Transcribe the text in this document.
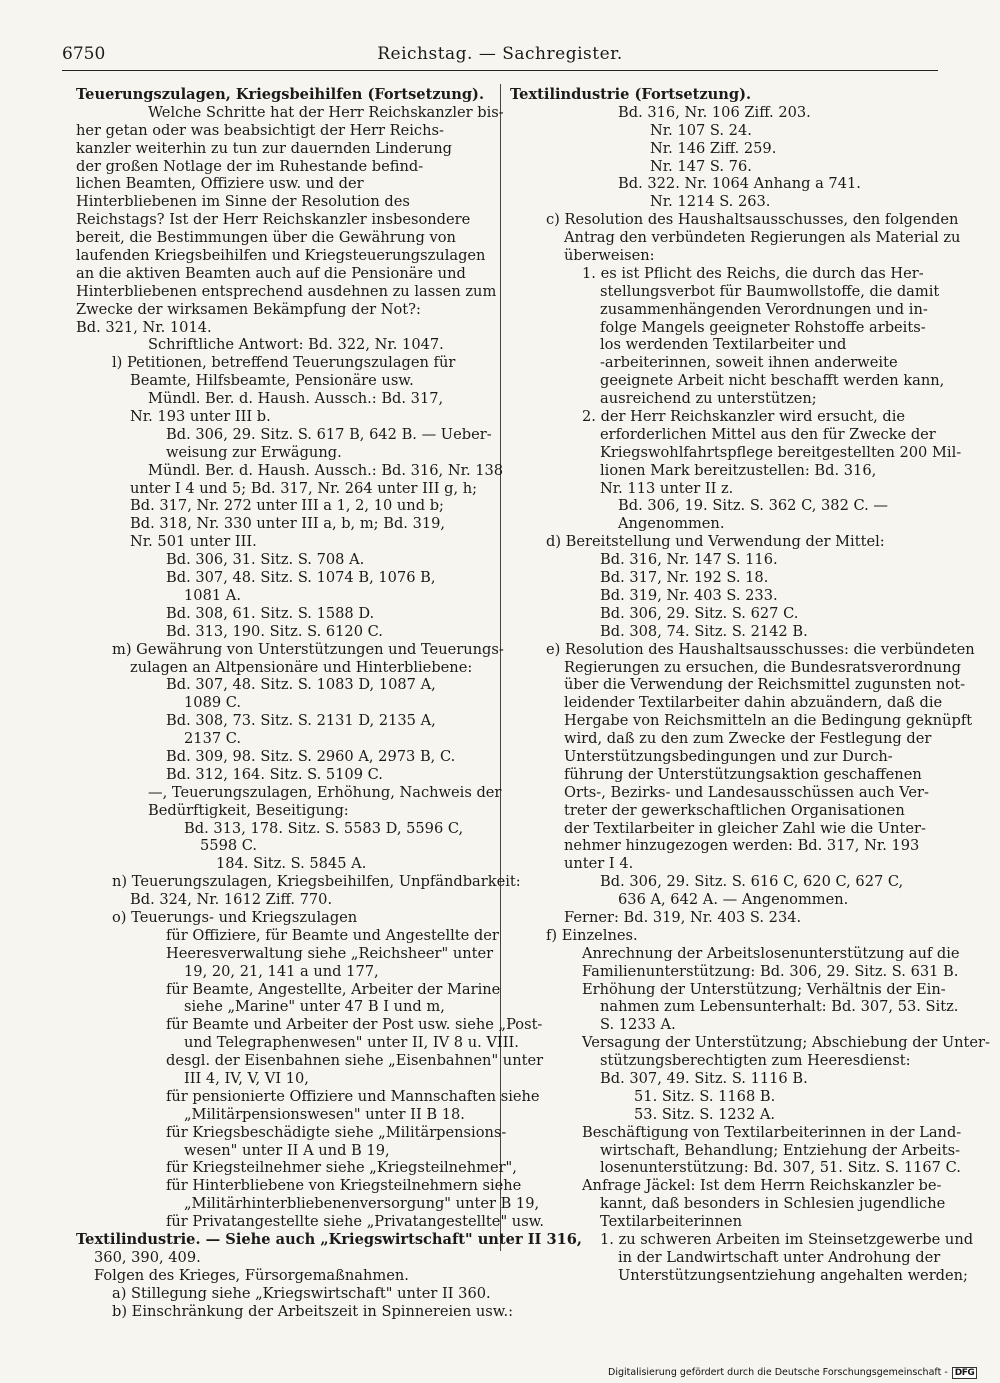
6750	Reichstag. — Sachregister.
Teuerungszulagen, Kriegsbeihilfen (Fortsetzung).
Welche Schritte hat der Herr Reichskanzler bis-
her getan oder was beabsichtigt der Herr Reichs-
kanzler weiterhin zu tun zur dauernden Linderung
der großen Notlage der im Ruhestande befind-
lichen Beamten, Offiziere usw. und der
Hinterbliebenen im Sinne der Resolution des
Reichstags? Ist der Herr Reichskanzler insbesondere
bereit, die Bestimmungen über die Gewährung von
laufenden Kriegsbeihilfen und Kriegsteuerungszulagen
an die aktiven Beamten auch auf die Pensionäre und
Hinterbliebenen entsprechend ausdehnen zu lassen zum
Zwecke der wirksamen Bekämpfung der Not?:
Bd. 321, Nr. 1014.
Schriftliche Antwort: Bd. 322, Nr. 1047.
l) Petitionen, betreffend Teuerungszulagen für
Beamte, Hilfsbeamte, Pensionäre usw.
Mündl. Ber. d. Haush. Aussch.: Bd. 317,
Nr. 193 unter III b.
Bd. 306, 29. Sitz. S. 617 B, 642 B. — Ueber-
weisung zur Erwägung.
Mündl. Ber. d. Haush. Aussch.: Bd. 316, Nr. 138
unter I 4 und 5; Bd. 317, Nr. 264 unter III g, h;
Bd. 317, Nr. 272 unter III a 1, 2, 10 und b;
Bd. 318, Nr. 330 unter III a, b, m; Bd. 319,
Nr. 501 unter III.
Bd. 306, 31. Sitz. S. 708 A.
Bd. 307, 48. Sitz. S. 1074 B, 1076 B,
1081 A.
Bd. 308, 61. Sitz. S. 1588 D.
Bd. 313, 190. Sitz. S. 6120 C.
m) Gewährung von Unterstützungen und Teuerungs-
zulagen an Altpensionäre und Hinterbliebene:
Bd. 307, 48. Sitz. S. 1083 D, 1087 A,
1089 C.
Bd. 308, 73. Sitz. S. 2131 D, 2135 A,
2137 C.
Bd. 309, 98. Sitz. S. 2960 A, 2973 B, C.
Bd. 312, 164. Sitz. S. 5109 C.
—, Teuerungszulagen, Erhöhung, Nachweis der
Bedürftigkeit, Beseitigung:
Bd. 313, 178. Sitz. S. 5583 D, 5596 C,
5598 C.
184. Sitz. S. 5845 A.
n) Teuerungszulagen, Kriegsbeihilfen, Unpfändbarkeit:
Bd. 324, Nr. 1612 Ziff. 770.
o) Teuerungs- und Kriegszulagen
für Offiziere, für Beamte und Angestellte der
Heeresverwaltung siehe „Reichsheer" unter
19, 20, 21, 141 a und 177,
für Beamte, Angestellte, Arbeiter der Marine
siehe „Marine" unter 47 B I und m,
für Beamte und Arbeiter der Post usw. siehe „Post-
und Telegraphenwesen" unter II, IV 8 u. VIII.
desgl. der Eisenbahnen siehe „Eisenbahnen" unter
III 4, IV, V, VI 10,
für pensionierte Offiziere und Mannschaften siehe
„Militärpensionswesen" unter II B 18.
für Kriegsbeschädigte siehe „Militärpensions-
wesen" unter II A und B 19,
für Kriegsteilnehmer siehe „Kriegsteilnehmer",
für Hinterbliebene von Kriegsteilnehmern siehe
„Militärhinterbliebenenversorgung" unter B 19,
für Privatangestellte siehe „Privatangestellte" usw.
Textilindustrie. — Siehe auch „Kriegswirtschaft" unter II 316,
360, 390, 409.
Folgen des Krieges, Fürsorgemaßnahmen.
a) Stillegung siehe „Kriegswirtschaft" unter II 360.
b) Einschränkung der Arbeitszeit in Spinnereien usw.:
Textilindustrie (Fortsetzung).
Bd. 316, Nr. 106 Ziff. 203.
Nr. 107 S. 24.
Nr. 146 Ziff. 259.
Nr. 147 S. 76.
Bd. 322. Nr. 1064 Anhang a 741.
Nr. 1214 S. 263.
c) Resolution des Haushaltsausschusses, den folgenden
Antrag den verbündeten Regierungen als Material zu
überweisen:
1. es ist Pflicht des Reichs, die durch das Her-
stellungsverbot für Baumwollstoffe, die damit
zusammenhängenden Verordnungen und in-
folge Mangels geeigneter Rohstoffe arbeits-
los werdenden Textilarbeiter und
-arbeiterinnen, soweit ihnen anderweite
geeignete Arbeit nicht beschafft werden kann,
ausreichend zu unterstützen;
2. der Herr Reichskanzler wird ersucht, die
erforderlichen Mittel aus den für Zwecke der
Kriegswohlfahrtspflege bereitgestellten 200 Mil-
lionen Mark bereitzustellen: Bd. 316,
Nr. 113 unter II z.
Bd. 306, 19. Sitz. S. 362 C, 382 C. —
Angenommen.
d) Bereitstellung und Verwendung der Mittel:
Bd. 316, Nr. 147 S. 116.
Bd. 317, Nr. 192 S. 18.
Bd. 319, Nr. 403 S. 233.
Bd. 306, 29. Sitz. S. 627 C.
Bd. 308, 74. Sitz. S. 2142 B.
e) Resolution des Haushaltsausschusses: die verbündeten
Regierungen zu ersuchen, die Bundesratsverordnung
über die Verwendung der Reichsmittel zugunsten not-
leidender Textilarbeiter dahin abzuändern, daß die
Hergabe von Reichsmitteln an die Bedingung geknüpft
wird, daß zu den zum Zwecke der Festlegung der
Unterstützungsbedingungen und zur Durch-
führung der Unterstützungsaktion geschaffenen
Orts-, Bezirks- und Landesausschüssen auch Ver-
treter der gewerkschaftlichen Organisationen
der Textilarbeiter in gleicher Zahl wie die Unter-
nehmer hinzugezogen werden: Bd. 317, Nr. 193
unter I 4.
Bd. 306, 29. Sitz. S. 616 C, 620 C, 627 C,
636 A, 642 A. — Angenommen.
Ferner: Bd. 319, Nr. 403 S. 234.
f) Einzelnes.
Anrechnung der Arbeitslosenunterstützung auf die
Familienunterstützung: Bd. 306, 29. Sitz. S. 631 B.
Erhöhung der Unterstützung; Verhältnis der Ein-
nahmen zum Lebensunterhalt: Bd. 307, 53. Sitz.
S. 1233 A.
Versagung der Unterstützung; Abschiebung der Unter-
stützungsberechtigten zum Heeresdienst:
Bd. 307, 49. Sitz. S. 1116 B.
51. Sitz. S. 1168 B.
53. Sitz. S. 1232 A.
Beschäftigung von Textilarbeiterinnen in der Land-
wirtschaft, Behandlung; Entziehung der Arbeits-
losenunterstützung: Bd. 307, 51. Sitz. S. 1167 C.
Anfrage Jäckel: Ist dem Herrn Reichskanzler be-
kannt, daß besonders in Schlesien jugendliche
Textilarbeiterinnen
1. zu schweren Arbeiten im Steinsetzgewerbe und
in der Landwirtschaft unter Androhung der
Unterstützungsentziehung angehalten werden;
Digitalisierung gefördert durch die Deutsche Forschungsgemeinschaft - DFG
